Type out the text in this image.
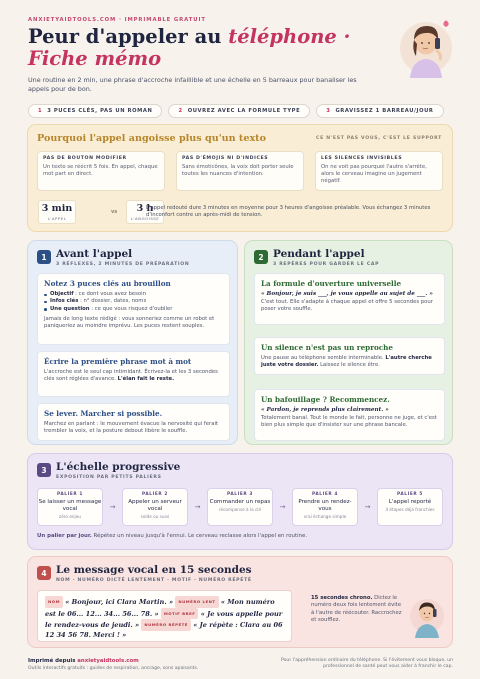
ANXIETYAIDTOOLS.COM · IMPRIMABLE GRATUIT
Peur d'appeler au téléphone · Fiche mémo

Une routine en 2 min, une phrase d'accroche infaillible et une échelle en 5 barreaux pour banaliser les appels pour de bon.

1 3 PUCES CLÉS, PAS UN ROMAN	2 OUVREZ AVEC LA FORMULE TYPE	3 GRAVISSEZ 1 BARREAU/JOUR
Pourquoi l'appel angoisse plus qu'un texto	CE N'EST PAS VOUS, C'EST LE SUPPORT
PAS DE BOUTON MODIFIER
Un texto se réécrit 5 fois. En appel, chaque mot part en direct.
PAS D'ÉMOJIS NI D'INDICES
Sans émoticônes, la voix doit porter seule toutes les nuances d'intention.
LES SILENCES INVISIBLES
On ne voit pas pourquoi l'autre s'arrête, alors le cerveau imagine un jugement négatif.
3 min
L'APPEL
vs	3 h
L'ANGOISSE

L'appel redouté dure 3 minutes en moyenne pour 3 heures d'angoisse préalable. Vous échangez 3 minutes d'inconfort contre un après-midi de tension.

1 Avant l'appel
3 RÉFLEXES, 2 MINUTES DE PRÉPARATION
Notez 3 puces clés au brouillon
Objectif : ce dont vous avez besoin
Infos clés : n° dossier, dates, noms
Une question : ce que vous risquez d'oublier
Jamais de long texte rédigé : vous sonneriez comme un robot et paniqueriez au moindre imprévu. Les puces restent souples.
Écrire la première phrase mot à mot
L'accroche est le seul cap intimidant. Écrivez-la et les 3 secondes clés sont réglées d'avance. L'élan fait le reste.
Se lever. Marcher si possible.
Marchez en parlant : le mouvement évacue la nervosité qui ferait trembler la voix, et la posture debout libère le souffle.
2 Pendant l'appel
3 REPÈRES POUR GARDER LE CAP
La formule d'ouverture universelle
« Bonjour, je suis ___, je vous appelle au sujet de ___. »
C'est tout. Elle s'adapte à chaque appel et offre 5 secondes pour poser votre souffle.
Un silence n'est pas un reproche
Une pause au téléphone semble interminable. L'autre cherche juste votre dossier. Laissez le silence être.
Un bafouillage ? Recommencez.
« Pardon, je reprends plus clairement. »
Totalement banal. Tout le monde le fait, personne ne juge, et c'est bien plus simple que d'insister sur une phrase bancale.
3 L'échelle progressive
EXPOSITION PAR PETITS PALIERS
PALIER 1
Se laisser un message vocal
zéro enjeu
→
PALIER 2
Appeler un serveur vocal
solde ou suivi
→
PALIER 3
Commander un repas
récompense à la clé	→
PALIER 4
Prendre un rendez-vous
vrai échange simple
→
PALIER 5
L'appel reporté
4 étapes déjà franchies

Un palier par jour. Répétez un niveau jusqu'à l'ennui. Le cerveau reclasse alors l'appel en routine.

4 Le message vocal en 15 secondes
NOM · NUMÉRO DICTÉ LENTEMENT · MOTIF · NUMÉRO RÉPÉTÉ
NOM « Bonjour, ici Clara Martin. » NUMÉRO LENT « Mon numéro est le 06... 12... 34... 56... 78. » MOTIF BREF « Je vous appelle pour le rendez-vous de jeudi. » NUMÉRO RÉPÉTÉ « Je répète : Clara au 06 12 34 56 78. Merci ! »

15 secondes chrono. Dictez le numéro deux fois lentement évite à l'autre de réécouter. Raccrochez et soufflez.

Imprimé depuis anxietyaidtools.com
Outils interactifs gratuits : guides de respiration, ancrage, sons apaisants.

Pour l'appréhension ordinaire du téléphone. Si l'évitement vous bloque, un professionnel de santé peut vous aider à franchir le cap.
